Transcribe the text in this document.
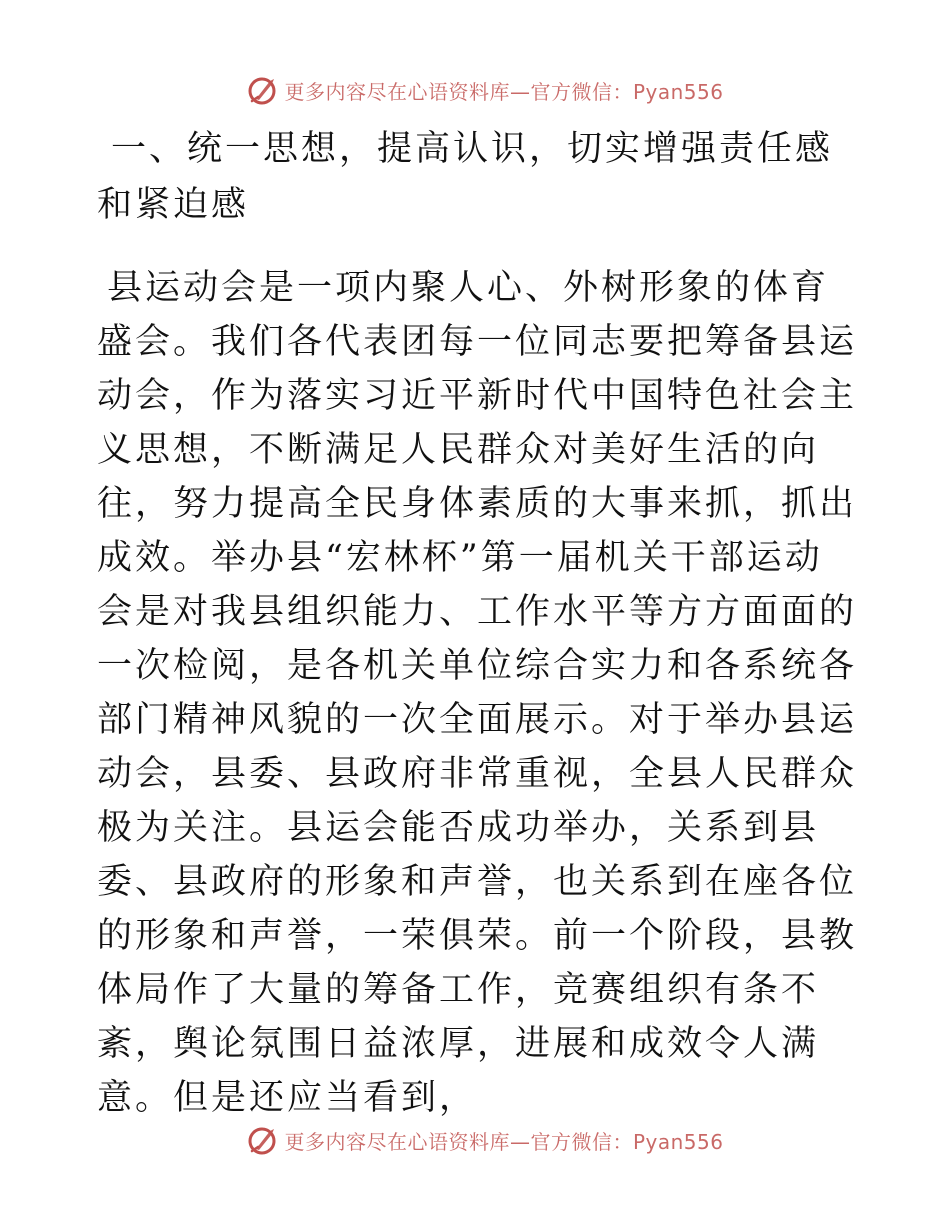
更多内容尽在心语资料库—官方微信：Pyan556
一、统一思想，提高认识，切实增强责任感和紧迫感

县运动会是一项内聚人心、外树形象的体育盛会。我们各代表团每一位同志要把筹备县运动会，作为落实习近平新时代中国特色社会主义思想，不断满足人民群众对美好生活的向往，努力提高全民身体素质的大事来抓，抓出成效。举办县“宏林杯”第一届机关干部运动会是对我县组织能力、工作水平等方方面面的一次检阅，是各机关单位综合实力和各系统各部门精神风貌的一次全面展示。对于举办县运动会，县委、县政府非常重视，全县人民群众极为关注。县运会能否成功举办，关系到县委、县政府的形象和声誉，也关系到在座各位的形象和声誉，一荣俱荣。前一个阶段，县教体局作了大量的筹备工作，竞赛组织有条不紊，舆论氛围日益浓厚，进展和成效令人满意。但是还应当看到，

更多内容尽在心语资料库—官方微信：Pyan556
